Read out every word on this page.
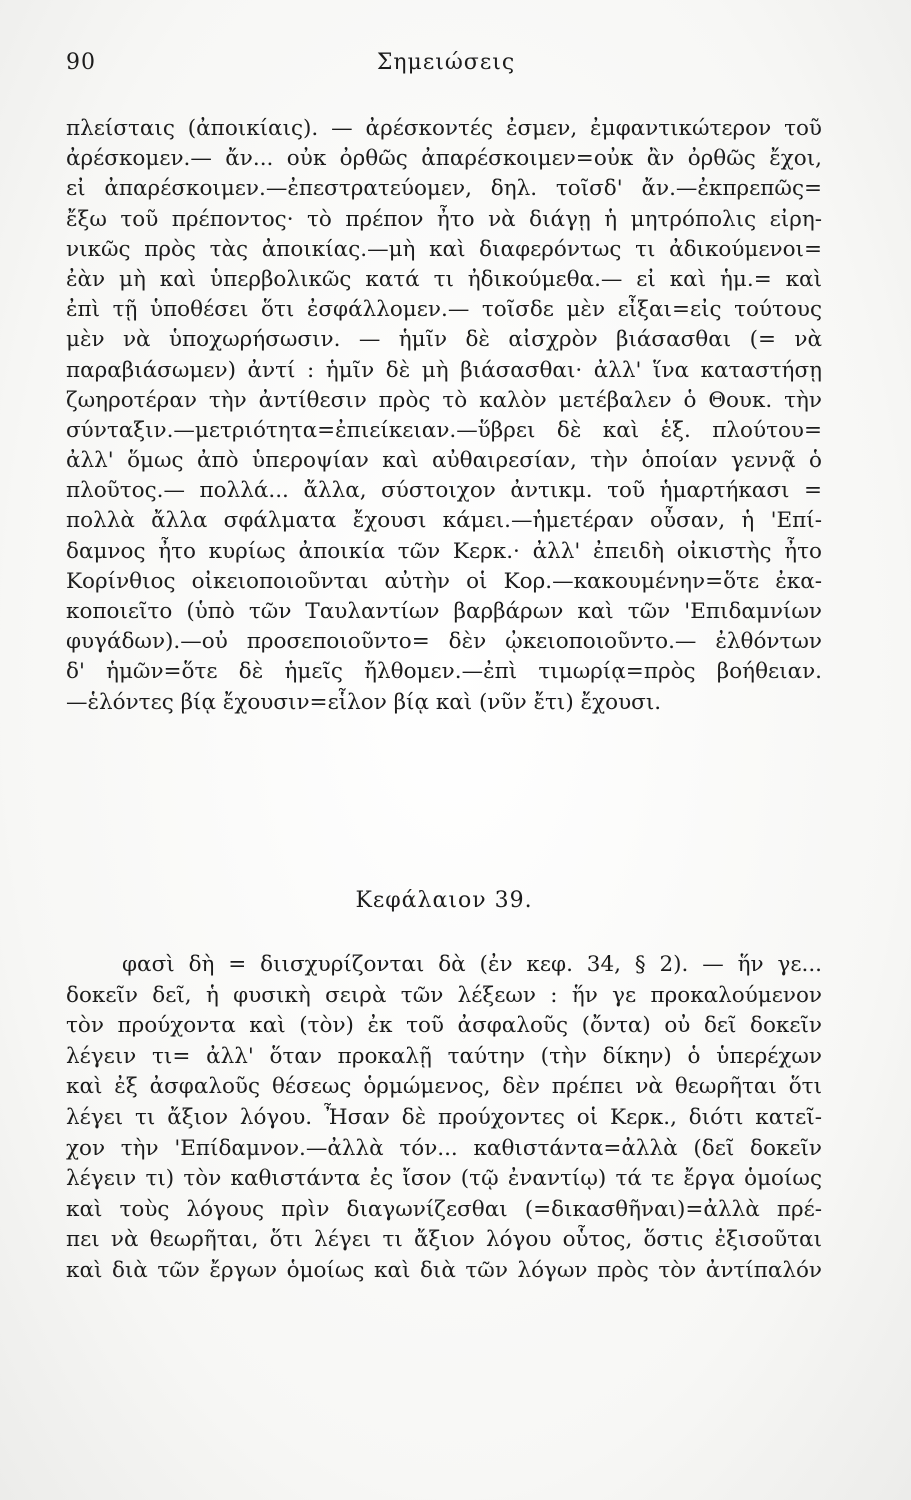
Σημειώσεις
90
πλείσταις (ἀποικίαις). — ἀρέσκοντές ἐσμεν, ἐμφαντικώτερον τοῦ
ἀρέσκομεν.— ἄν... οὐκ ὀρθῶς ἀπαρέσκοιμεν=οὐκ ἂν ὀρθῶς ἔχοι,
εἰ ἀπαρέσκοιμεν.—ἐπεστρατεύομεν, δηλ. τοῖσδ' ἄν.—ἐκπρεπῶς=
ἔξω τοῦ πρέποντος· τὸ πρέπον ἦτο νὰ διάγῃ ἡ μητρόπολις εἰρη-
νικῶς πρὸς τὰς ἀποικίας.—μὴ καὶ διαφερόντως τι ἀδικούμενοι=
ἐὰν μὴ καὶ ὑπερβολικῶς κατά τι ἠδικούμεθα.— εἰ καὶ ἡμ.= καὶ
ἐπὶ τῇ ὑποθέσει ὅτι ἐσφάλλομεν.— τοῖσδε μὲν εἶξαι=εἰς τούτους
μὲν νὰ ὑποχωρήσωσιν. — ἡμῖν δὲ αἰσχρὸν βιάσασθαι (= νὰ
παραβιάσωμεν) ἀντί : ἡμῖν δὲ μὴ βιάσασθαι· ἀλλ' ἵνα καταστήσῃ
ζωηροτέραν τὴν ἀντίθεσιν πρὸς τὸ καλὸν μετέβαλεν ὁ Θουκ. τὴν
σύνταξιν.—μετριότητα=ἐπιείκειαν.—ὕβρει δὲ καὶ ἑξ. πλούτου=
ἀλλ' ὅμως ἀπὸ ὑπεροψίαν καὶ αὐθαιρεσίαν, τὴν ὁποίαν γεννᾷ ὁ
πλοῦτος.— πολλά... ἄλλα, σύστοιχον ἀντικμ. τοῦ ἡμαρτήκασι =
πολλὰ ἄλλα σφάλματα ἔχουσι κάμει.—ἡμετέραν οὖσαν, ἡ 'Επί-
δαμνος ἦτο κυρίως ἀποικία τῶν Κερκ.· ἀλλ' ἐπειδὴ οἰκιστὴς ἦτο
Κορίνθιος οἰκειοποιοῦνται αὐτὴν οἱ Κορ.—κακουμένην=ὅτε ἐκα-
κοποιεῖτο (ὑπὸ τῶν Ταυλαντίων βαρβάρων καὶ τῶν 'Επιδαμνίων
φυγάδων).—οὐ προσεποιοῦντο= δὲν ᾠκειοποιοῦντο.— ἐλθόντων
δ' ἡμῶν=ὅτε δὲ ἡμεῖς ἤλθομεν.—ἐπὶ τιμωρίᾳ=πρὸς βοήθειαν.
—ἑλόντες βίᾳ ἔχουσιν=εἷλον βίᾳ καὶ (νῦν ἔτι) ἔχουσι.
Κεφάλαιον 39.
φασὶ δὴ = διισχυρίζονται δὰ (ἐν κεφ. 34, § 2). — ἥν γε...
δοκεῖν δεῖ, ἡ φυσικὴ σειρὰ τῶν λέξεων : ἥν γε προκαλούμενον
τὸν προύχοντα καὶ (τὸν) ἐκ τοῦ ἀσφαλοῦς (ὄντα) οὐ δεῖ δοκεῖν
λέγειν τι= ἀλλ' ὅταν προκαλῇ ταύτην (τὴν δίκην) ὁ ὑπερέχων
καὶ ἐξ ἀσφαλοῦς θέσεως ὁρμώμενος, δὲν πρέπει νὰ θεωρῆται ὅτι
λέγει τι ἄξιον λόγου. Ἦσαν δὲ προύχοντες οἱ Κερκ., διότι κατεῖ-
χον τὴν 'Επίδαμνον.—ἀλλὰ τόν... καθιστάντα=ἀλλὰ (δεῖ δοκεῖν
λέγειν τι) τὸν καθιστάντα ἐς ἴσον (τῷ ἐναντίῳ) τά τε ἔργα ὁμοίως
καὶ τοὺς λόγους πρὶν διαγωνίζεσθαι (=δικασθῆναι)=ἀλλὰ πρέ-
πει νὰ θεωρῆται, ὅτι λέγει τι ἄξιον λόγου οὗτος, ὅστις ἐξισοῦται
καὶ διὰ τῶν ἔργων ὁμοίως καὶ διὰ τῶν λόγων πρὸς τὸν ἀντίπαλόν
